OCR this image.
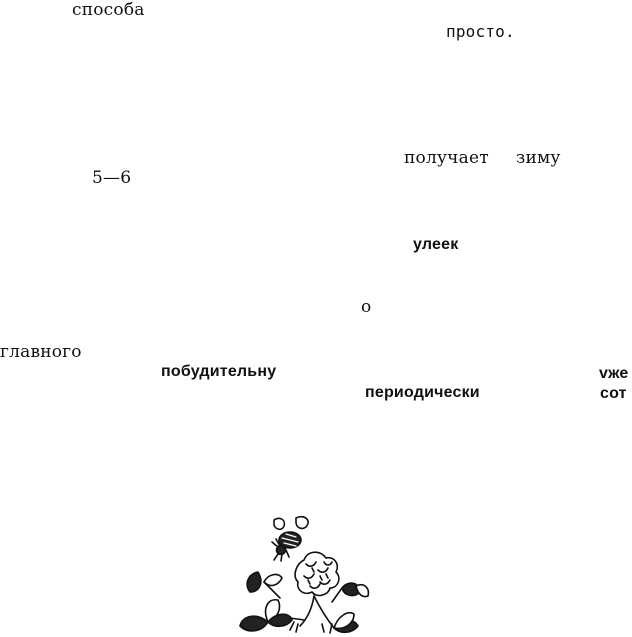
способа
просто.
получает зиму
5—6
улеек
о
главного
побудительну	vже
периодически	сот
